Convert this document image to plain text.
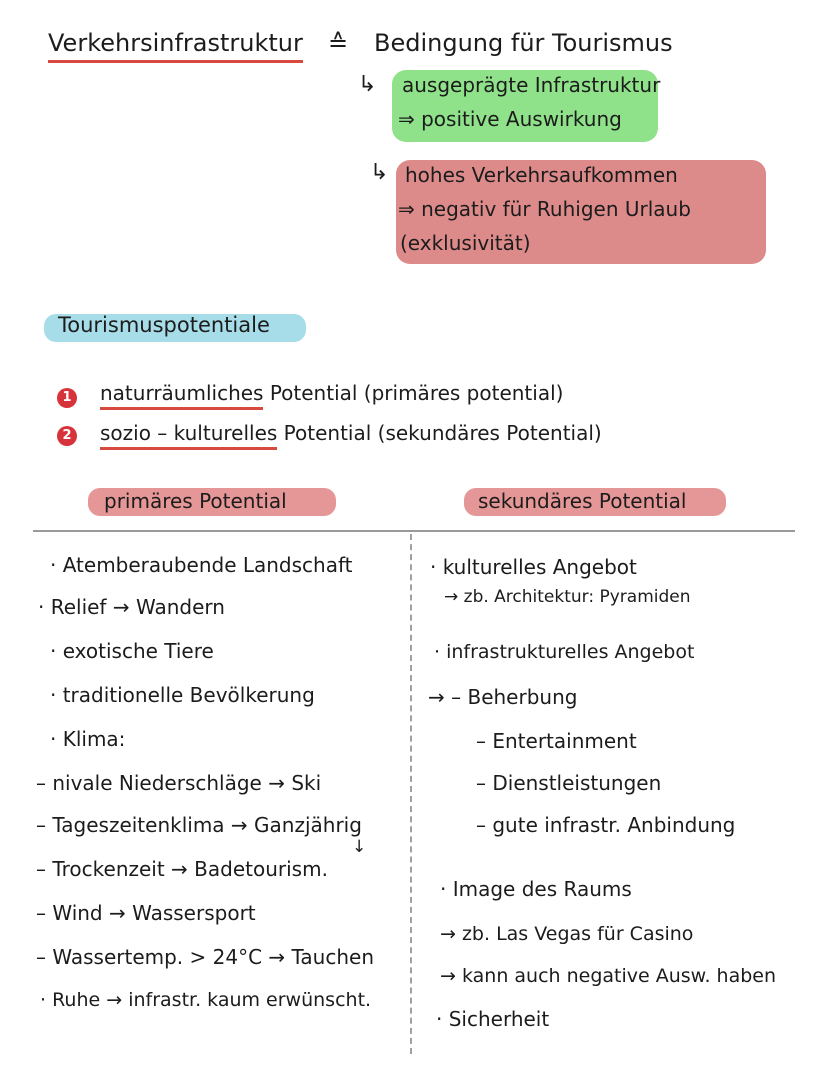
Verkehrsinfrastruktur ≙ Bedingung für Tourismus
↳ ausgeprägte Infrastruktur
⇒ positive Auswirkung
↳ hohes Verkehrsaufkommen
⇒ negativ für Ruhigen Urlaub
(exklusivität)
Tourismuspotentiale
1 naturräumliches Potential (primäres potential)
2 sozio – kulturelles Potential (sekundäres Potential)
primäres Potential	sekundäres Potential
· Atemberaubende Landschaft
· Relief → Wandern
· exotische Tiere
· traditionelle Bevölkerung
· Klima:
– nivale Niederschläge → Ski
– Tageszeitenklima → Ganzjährig
↓
– Trockenzeit → Badetourism.
– Wind → Wassersport
– Wassertemp. > 24°C → Tauchen
· Ruhe → infrastr. kaum erwünscht.
· kulturelles Angebot
→ zb. Architektur: Pyramiden
· infrastrukturelles Angebot
→ – Beherbung
– Entertainment
– Dienstleistungen
– gute infrastr. Anbindung
· Image des Raums
→ zb. Las Vegas für Casino
→ kann auch negative Ausw. haben
· Sicherheit
